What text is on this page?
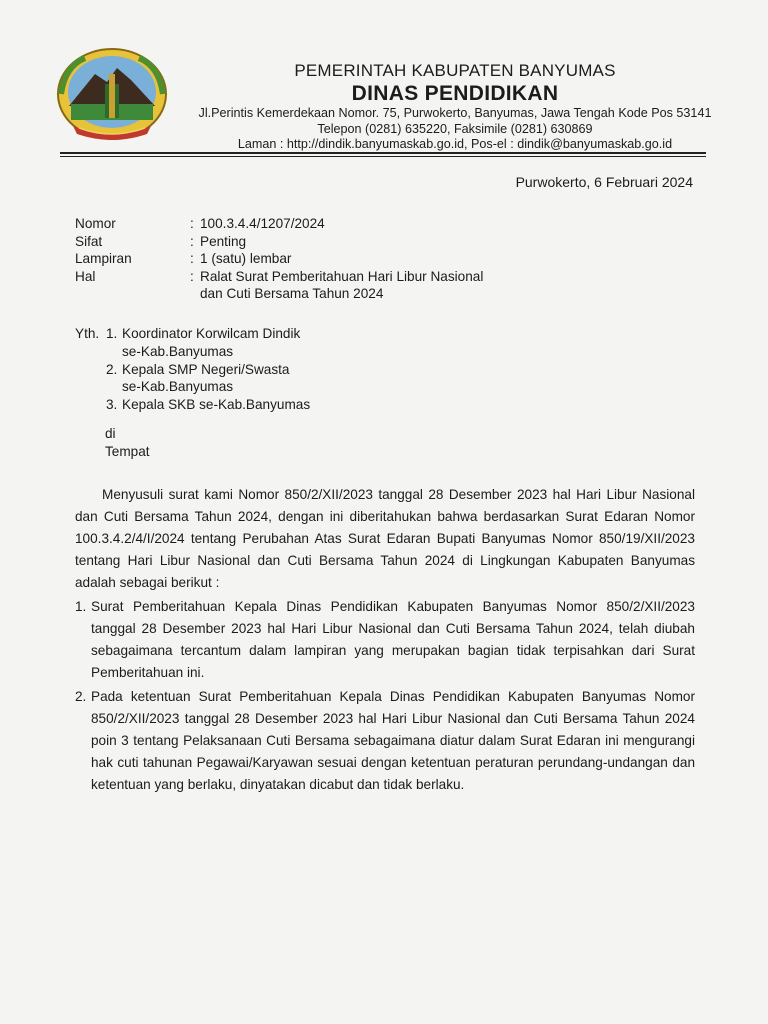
PEMERINTAH KABUPATEN BANYUMAS
DINAS PENDIDIKAN
Jl.Perintis Kemerdekaan Nomor. 75, Purwokerto, Banyumas, Jawa Tengah Kode Pos 53141
Telepon (0281) 635220, Faksimile (0281) 630869
Laman : http://dindik.banyumaskab.go.id, Pos-el : dindik@banyumaskab.go.id
Purwokerto, 6 Februari 2024
Nomor	: 100.3.4.4/1207/2024
Sifat	: Penting
Lampiran	: 1 (satu) lembar
Hal	: Ralat Surat Pemberitahuan Hari Libur Nasional dan Cuti Bersama Tahun 2024
Yth. 1. Koordinator Korwilcam Dindik
se-Kab.Banyumas
2. Kepala SMP Negeri/Swasta
se-Kab.Banyumas
3. Kepala SKB se-Kab.Banyumas
di
Tempat

Menyusuli surat kami Nomor 850/2/XII/2023 tanggal 28 Desember 2023 hal Hari Libur Nasional dan Cuti Bersama Tahun 2024, dengan ini diberitahukan bahwa berdasarkan Surat Edaran Nomor 100.3.4.2/4/I/2024 tentang Perubahan Atas Surat Edaran Bupati Banyumas Nomor 850/19/XII/2023 tentang Hari Libur Nasional dan Cuti Bersama Tahun 2024 di Lingkungan Kabupaten Banyumas adalah sebagai berikut :

1. Surat Pemberitahuan Kepala Dinas Pendidikan Kabupaten Banyumas Nomor 850/2/XII/2023 tanggal 28 Desember 2023 hal Hari Libur Nasional dan Cuti Bersama Tahun 2024, telah diubah sebagaimana tercantum dalam lampiran yang merupakan bagian tidak terpisahkan dari Surat Pemberitahuan ini.
2. Pada ketentuan Surat Pemberitahuan Kepala Dinas Pendidikan Kabupaten Banyumas Nomor 850/2/XII/2023 tanggal 28 Desember 2023 hal Hari Libur Nasional dan Cuti Bersama Tahun 2024 poin 3 tentang Pelaksanaan Cuti Bersama sebagaimana diatur dalam Surat Edaran ini mengurangi hak cuti tahunan Pegawai/Karyawan sesuai dengan ketentuan peraturan perundang-undangan dan ketentuan yang berlaku, dinyatakan dicabut dan tidak berlaku.
